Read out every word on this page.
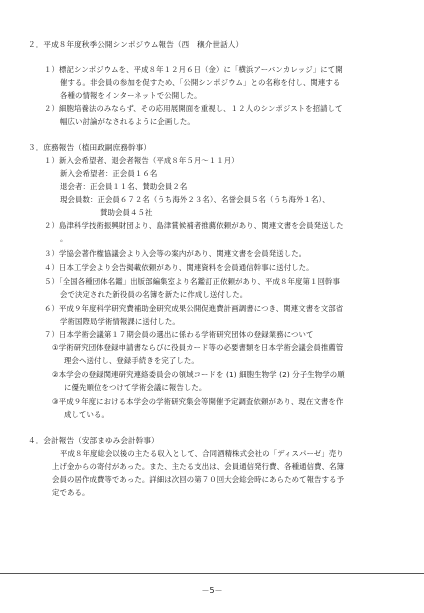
２．平成８年度秋季公開シンポジウム報告（西　穣介世話人）
１）標記シンポジウムを、平成８年１２月６日（金）に「横浜アーバンカレッジ」にて開
催する。非会員の参加を促すため、「公開シンポジウム」との名称を付し、関連する
各種の情報をインターネットで公開した。
２）細胞培養法のみならず、その応用展開面を重視し、１２人のシンポジストを招請して
幅広い討論がなされるように企画した。
３．庶務報告（植田政嗣庶務幹事）
１）新入会希望者、退会者報告（平成８年５月～１１月）
新入会希望者：正会員１６名
退会者：正会員１１名、賛助会員２名
現会員数：正会員６７２名（うち海外２３名）、名誉会員５名（うち海外１名）、
賛助会員４５社
２）島津科学技術振興財団より、島津賞候補者推薦依頼があり、関連文書を会員発送した
。
３）学協会著作権協議会より入会等の案内があり、関連文書を会員発送した。
４）日本工学会より会告掲載依頼があり、関連資料を会員通信幹事に送付した。
５）「全国各種団体名鑑」出版部編集室より名鑑訂正依頼があり、平成８年度第１回幹事
会で決定された新役員の名簿を新たに作成し送付した。
６）平成９年度科学研究費補助金研究成果公開促進費計画調書につき、関連文書を文部省
学術国際局学術情報課に送付した。
７）日本学術会議第１７期会員の選出に係わる学術研究団体の登録業務について
①学術研究団体登録申請書ならびに役員カード等の必要書類を日本学術会議会員推薦管
理会へ送付し、登録手続きを完了した。
②本学会の登録関連研究連絡委員会の領域コードを (1) 細胞生物学 (2) 分子生物学の順
に優先順位をつけて学術会議に報告した。
③平成９年度における本学会の学術研究集会等開催予定調査依頼があり、現在文書を作
成している。
４．会計報告（安部まゆみ会計幹事）
平成８年度総会以後の主たる収入として、合同酒精株式会社の「ディスパーゼ」売り
上げ金からの寄付があった。また、主たる支出は、会員通信発行費、各種通信費、名簿
会員の居作成費等であった。詳細は次回の第７０回大会総会時にあらためて報告する予
定である。
－5－
